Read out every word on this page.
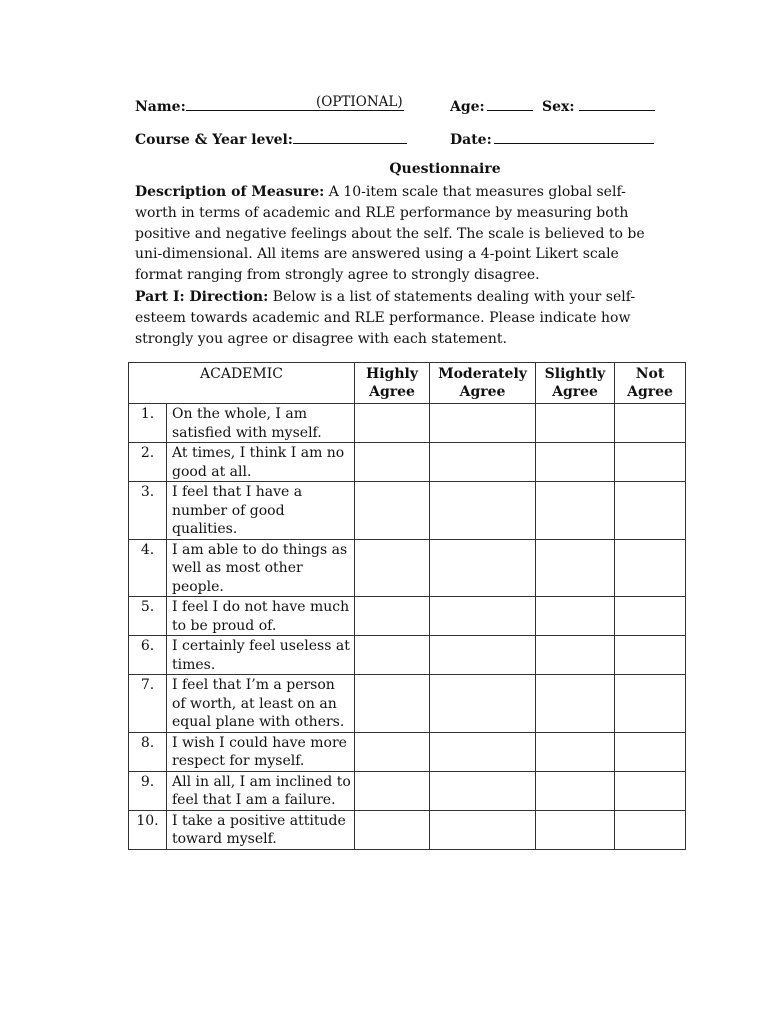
Name:	(OPTIONAL)	Age:	Sex:
Course & Year level:	Date:
Questionnaire

Description of Measure: A 10-item scale that measures global self-worth in terms of academic and RLE performance by measuring both positive and negative feelings about the self. The scale is believed to be uni-dimensional. All items are answered using a 4-point Likert scale format ranging from strongly agree to strongly disagree.

Part I: Direction: Below is a list of statements dealing with your self-esteem towards academic and RLE performance. Please indicate how strongly you agree or disagree with each statement.

ACADEMIC		Highly Agree	Moderately Agree	Slightly Agree	Not Agree
1.	On the whole, I am satisfied with myself.				
2.	At times, I think I am no good at all.				
3.	I feel that I have a number of good qualities.				
4.	I am able to do things as well as most other people.				
5.	I feel I do not have much to be proud of.				
6.	I certainly feel useless at times.				
7.	I feel that I’m a person of worth, at least on an equal plane with others.				
8.	I wish I could have more respect for myself.				
9.	All in all, I am inclined to feel that I am a failure.				
10.	I take a positive attitude toward myself.				
